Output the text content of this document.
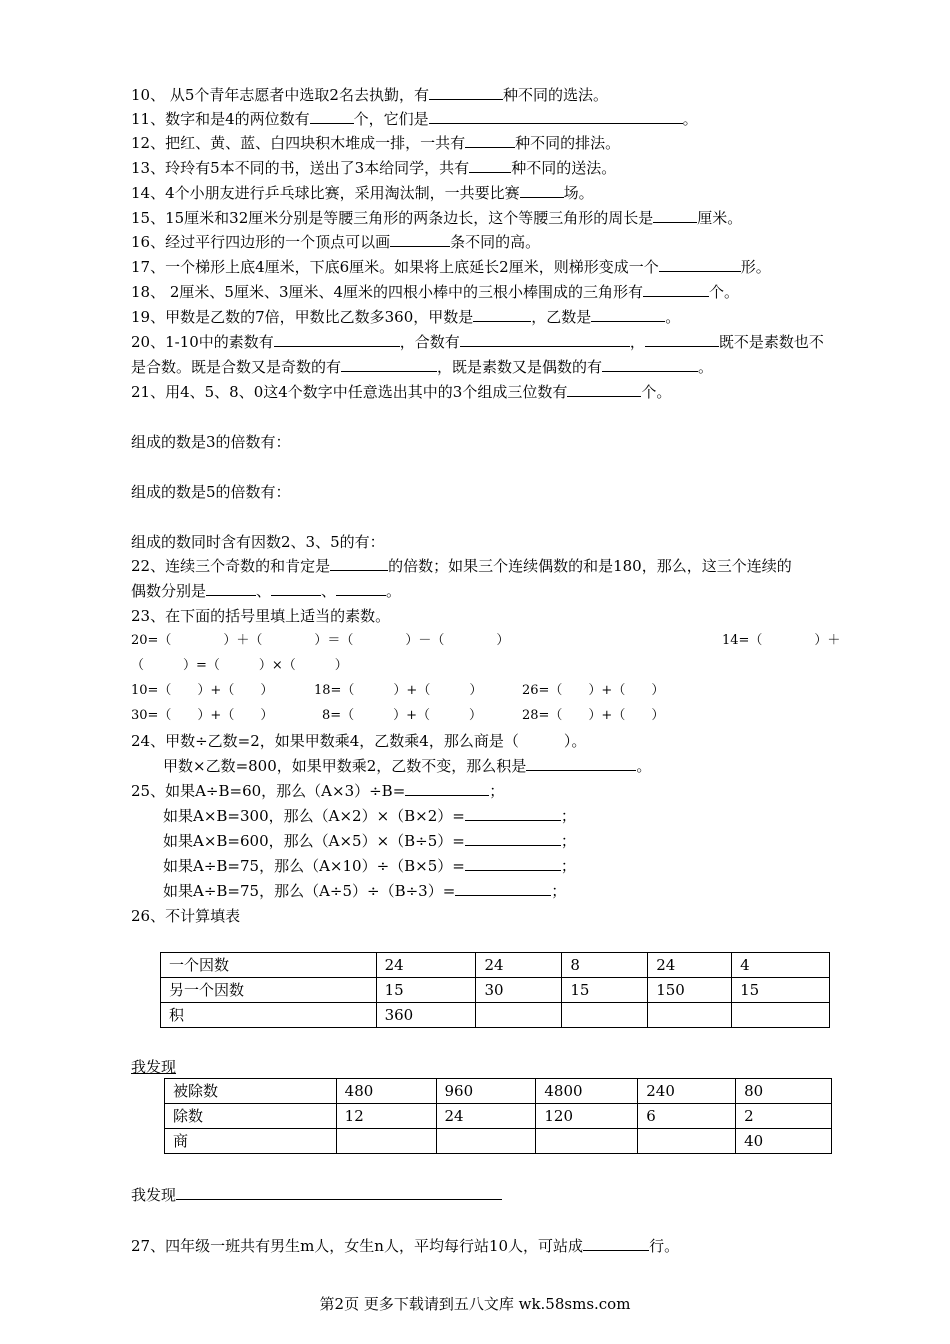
10、 从5个青年志愿者中选取2名去执勤，有	种不同的选法。
11、数字和是4的两位数有	个，它们是	。
12、把红、黄、蓝、白四块积木堆成一排，一共有	种不同的排法。
13、玲玲有5本不同的书，送出了3本给同学，共有	种不同的送法。
14、4个小朋友进行乒乓球比赛，采用淘汰制，一共要比赛	场。
15、15厘米和32厘米分别是等腰三角形的两条边长，这个等腰三角形的周长是	厘米。
16、经过平行四边形的一个顶点可以画	条不同的高。
17、一个梯形上底4厘米，下底6厘米。如果将上底延长2厘米，则梯形变成一个	形。
18、 2厘米、5厘米、3厘米、4厘米的四根小棒中的三根小棒围成的三角形有	个。
19、甲数是乙数的7倍，甲数比乙数多360，甲数是	，乙数是	。
20、1-10中的素数有	，合数有	，	既不是素数也不
是合数。既是合数又是奇数的有	，既是素数又是偶数的有	。
21、用4、5、8、0这4个数字中任意选出其中的3个组成三位数有	个。
组成的数是3的倍数有：
组成的数是5的倍数有：
组成的数同时含有因数2、3、5的有：
22、连续三个奇数的和肯定是	的倍数；如果三个连续偶数的和是180，那么，这三个连续的
偶数分别是	、	、	。
23、在下面的括号里填上适当的素数。
20=（　　　　）＋（　　　　）＝（　　　　）－（　　　　）	14=（　　　　）＋
（　　　）=（　　　）×（　　　）
10=（　　）+（　　）	18=（　　　）+（　　　）	26=（　　）+（　　）
30=（　　）+（　　）	8=（　　　）+（　　　）	28=（　　）+（　　）
24、甲数÷乙数=2，如果甲数乘4，乙数乘4，那么商是（　　　）。
甲数×乙数=800，如果甲数乘2，乙数不变，那么积是	。
25、如果A÷B=60，那么（A×3）÷B=	；
如果A×B=300，那么（A×2）×（B×2）=	；
如果A×B=600，那么（A×5）×（B÷5）=	；
如果A÷B=75，那么（A×10）÷（B×5）=	；
如果A÷B=75，那么（A÷5）÷（B÷3）=	；
26、不计算填表
一个因数	24	24	8	24	4
另一个因数	15	30	15	150	15
积	360				
我发现
被除数	480	960	4800	240	80
除数	12	24	120	6	2
商					40
我发现
27、四年级一班共有男生m人，女生n人，平均每行站10人，可站成	行。
第2页 更多下载请到五八文库 wk.58sms.com
